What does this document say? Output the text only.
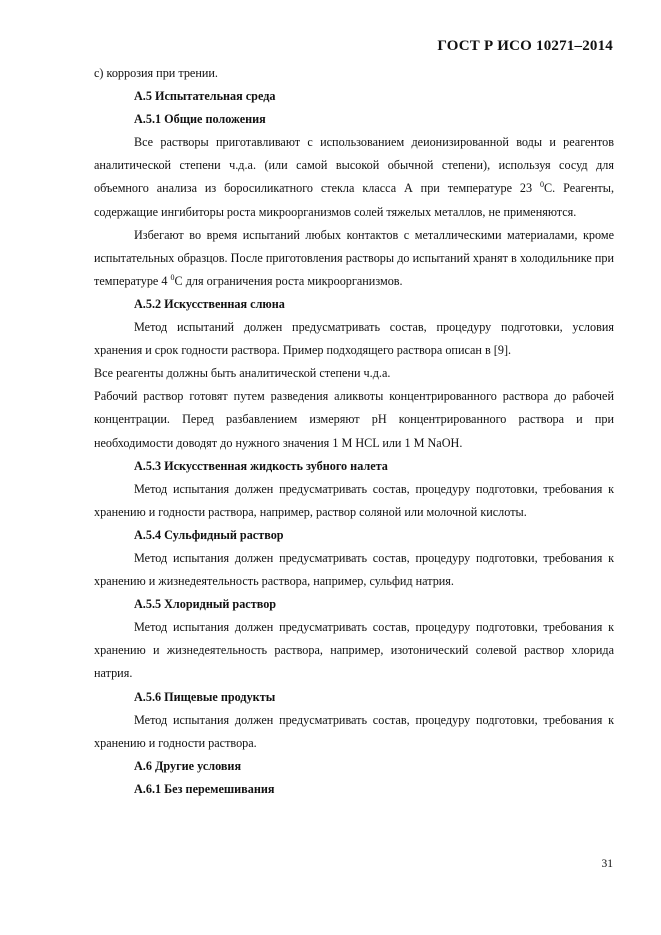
ГОСТ Р ИСО 10271–2014

c) коррозия при трении.

А.5 Испытательная среда
А.5.1 Общие положения

Все растворы приготавливают с использованием деионизированной воды и реагентов аналитической степени ч.д.а. (или самой высокой обычной степени), используя сосуд для объемного анализа из боросиликатного стекла класса А при температуре 23 $^0$С. Реагенты, содержащие ингибиторы роста микроорганизмов солей тяжелых металлов, не применяются.

Избегают во время испытаний любых контактов с металлическими материалами, кроме испытательных образцов. После приготовления растворы до испытаний хранят в холодильнике при температуре 4 $^0$С для ограничения роста микроорганизмов.

А.5.2 Искусственная слюна

Метод испытаний должен предусматривать состав, процедуру подготовки, условия хранения и срок годности раствора. Пример подходящего раствора описан в [9].

Все реагенты должны быть аналитической степени ч.д.а.

Рабочий раствор готовят путем разведения аликвоты концентрированного раствора до рабочей концентрации. Перед разбавлением измеряют pH концентрированного раствора и при необходимости доводят до нужного значения 1 M HCL или 1 M NaOH.

А.5.3 Искусственная жидкость зубного налета

Метод испытания должен предусматривать состав, процедуру подготовки, требования к хранению и годности раствора, например, раствор соляной или молочной кислоты.

А.5.4 Сульфидный раствор

Метод испытания должен предусматривать состав, процедуру подготовки, требования к хранению и жизнедеятельность раствора, например, сульфид натрия.

А.5.5 Хлоридный раствор

Метод испытания должен предусматривать состав, процедуру подготовки, требования к хранению и жизнедеятельность раствора, например, изотонический солевой раствор хлорида натрия.

А.5.6 Пищевые продукты

Метод испытания должен предусматривать состав, процедуру подготовки, требования к хранению и годности раствора.

А.6 Другие условия
А.6.1 Без перемешивания
31
